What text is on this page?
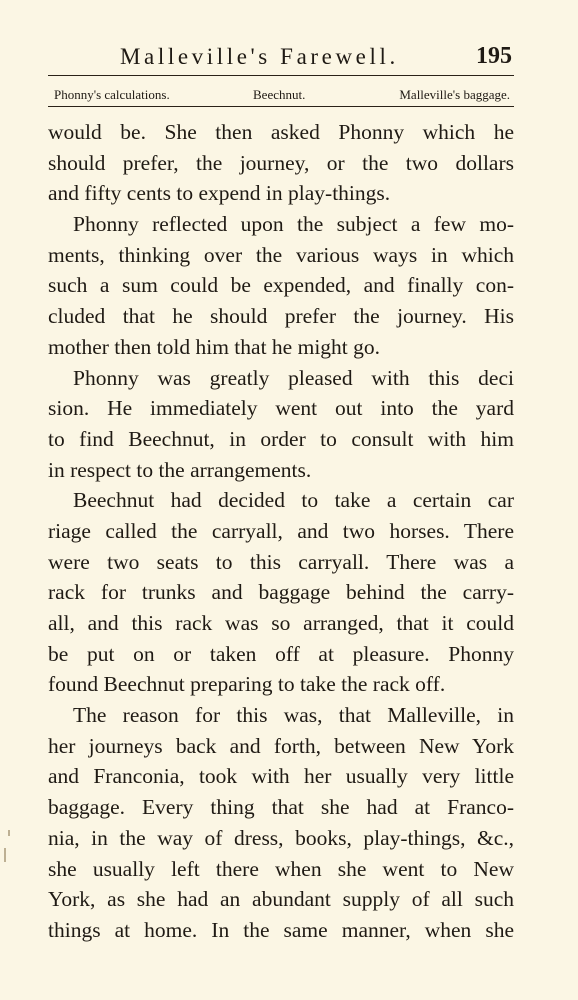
Malleville's Farewell.	195
Phonny's calculations.	Beechnut.	Malleville's baggage.
would be. She then asked Phonny which he
should prefer, the journey, or the two dollars
and fifty cents to expend in play-things.
Phonny reflected upon the subject a few mo-
ments, thinking over the various ways in which
such a sum could be expended, and finally con-
cluded that he should prefer the journey. His
mother then told him that he might go.
Phonny was greatly pleased with this deci
sion. He immediately went out into the yard
to find Beechnut, in order to consult with him
in respect to the arrangements.
Beechnut had decided to take a certain car
riage called the carryall, and two horses. There
were two seats to this carryall. There was a
rack for trunks and baggage behind the carry-
all, and this rack was so arranged, that it could
be put on or taken off at pleasure. Phonny
found Beechnut preparing to take the rack off.
The reason for this was, that Malleville, in
her journeys back and forth, between New York
and Franconia, took with her usually very little
baggage. Every thing that she had at Franco-
nia, in the way of dress, books, play-things, &c.,
she usually left there when she went to New
York, as she had an abundant supply of all such
things at home. In the same manner, when she
